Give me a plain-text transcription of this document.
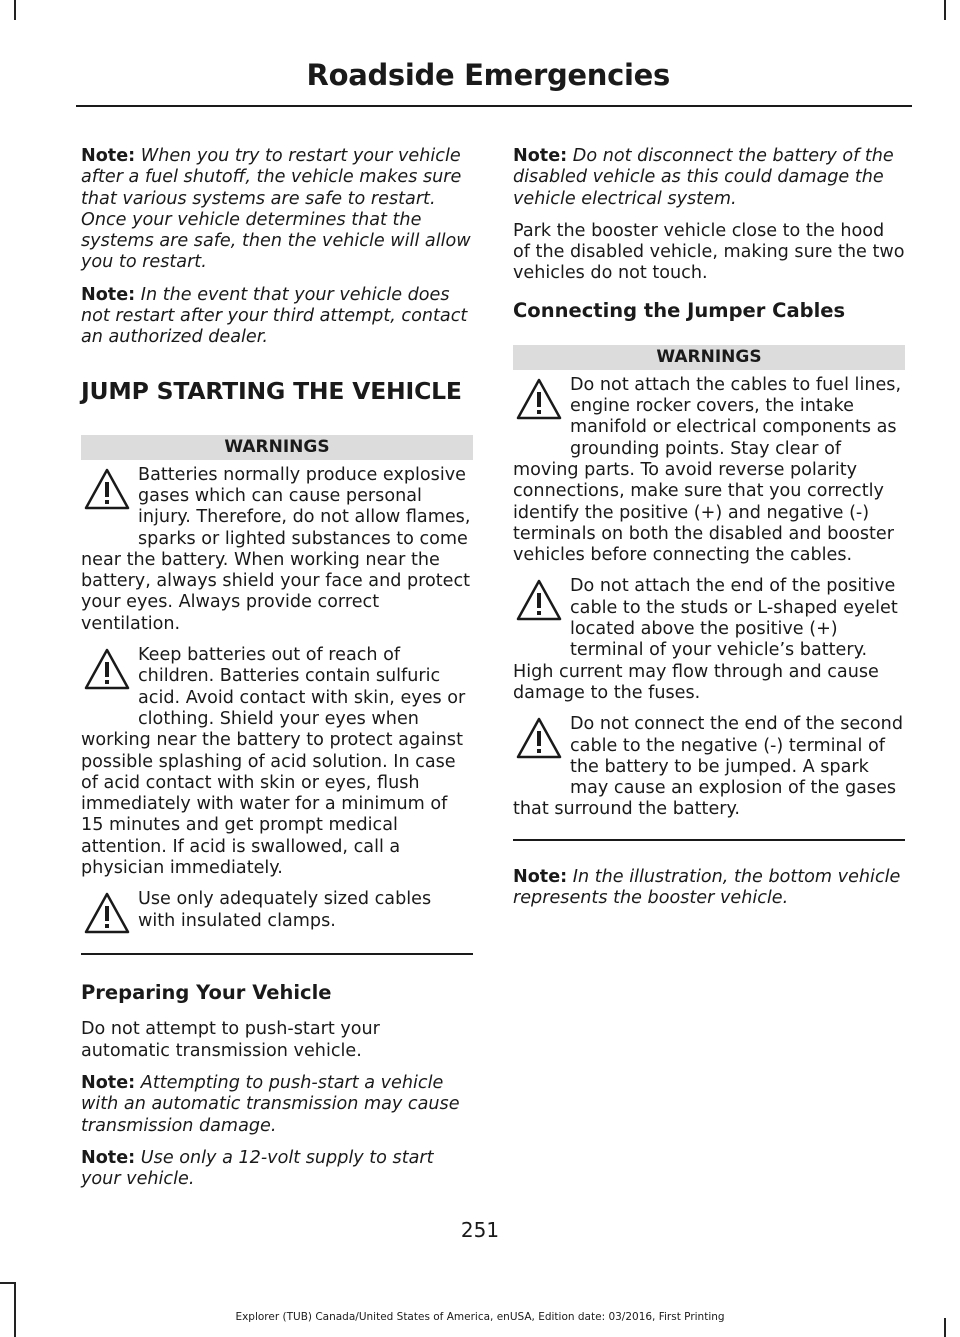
Roadside Emergencies

Note: When you try to restart your vehicle after a fuel shutoff, the vehicle makes sure that various systems are safe to restart. Once your vehicle determines that the systems are safe, then the vehicle will allow you to restart.

Note: In the event that your vehicle does not restart after your third attempt, contact an authorized dealer.

JUMP STARTING THE VEHICLE
WARNINGS
Batteries normally produce explosive gases which can cause personal injury. Therefore, do not allow flames, sparks or lighted substances to come near the battery. When working near the battery, always shield your face and protect your eyes. Always provide correct ventilation.
Keep batteries out of reach of children. Batteries contain sulfuric acid. Avoid contact with skin, eyes or clothing. Shield your eyes when working near the battery to protect against possible splashing of acid solution. In case of acid contact with skin or eyes, flush immediately with water for a minimum of 15 minutes and get prompt medical attention. If acid is swallowed, call a physician immediately.
Use only adequately sized cables with insulated clamps.
Preparing Your Vehicle

Do not attempt to push-start your automatic transmission vehicle.

Note: Attempting to push-start a vehicle with an automatic transmission may cause transmission damage.

Note: Use only a 12-volt supply to start your vehicle.

Note: Do not disconnect the battery of the disabled vehicle as this could damage the vehicle electrical system.

Park the booster vehicle close to the hood of the disabled vehicle, making sure the two vehicles do not touch.

Connecting the Jumper Cables
WARNINGS
Do not attach the cables to fuel lines, engine rocker covers, the intake manifold or electrical components as grounding points. Stay clear of moving parts. To avoid reverse polarity connections, make sure that you correctly identify the positive (+) and negative (-) terminals on both the disabled and booster vehicles before connecting the cables.
Do not attach the end of the positive cable to the studs or L-shaped eyelet located above the positive (+) terminal of your vehicle’s battery. High current may flow through and cause damage to the fuses.
Do not connect the end of the second cable to the negative (-) terminal of the battery to be jumped. A spark may cause an explosion of the gases that surround the battery.

Note: In the illustration, the bottom vehicle represents the booster vehicle.

251
Explorer (TUB) Canada/United States of America, enUSA, Edition date: 03/2016, First Printing
